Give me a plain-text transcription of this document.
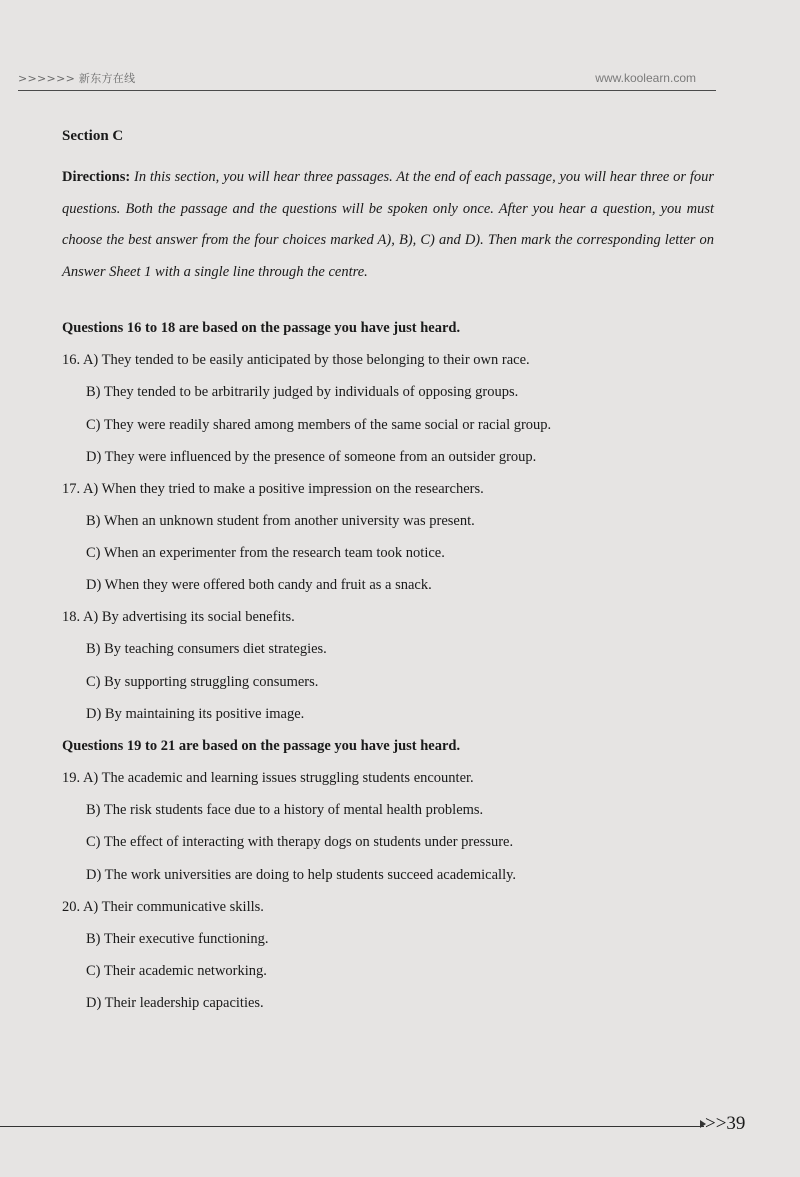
>>>>>> 新东方在线	www.koolearn.com
Section C
Directions: In this section, you will hear three passages. At the end of each passage, you will hear three or four questions. Both the passage and the questions will be spoken only once. After you hear a question, you must choose the best answer from the four choices marked A), B), C) and D). Then mark the corresponding letter on Answer Sheet 1 with a single line through the centre.
Questions 16 to 18 are based on the passage you have just heard.
16. A) They tended to be easily anticipated by those belonging to their own race.
B) They tended to be arbitrarily judged by individuals of opposing groups.
C) They were readily shared among members of the same social or racial group.
D) They were influenced by the presence of someone from an outsider group.
17. A) When they tried to make a positive impression on the researchers.
B) When an unknown student from another university was present.
C) When an experimenter from the research team took notice.
D) When they were offered both candy and fruit as a snack.
18. A) By advertising its social benefits.
B) By teaching consumers diet strategies.
C) By supporting struggling consumers.
D) By maintaining its positive image.
Questions 19 to 21 are based on the passage you have just heard.
19. A) The academic and learning issues struggling students encounter.
B) The risk students face due to a history of mental health problems.
C) The effect of interacting with therapy dogs on students under pressure.
D) The work universities are doing to help students succeed academically.
20. A) Their communicative skills.
B) Their executive functioning.
C) Their academic networking.
D) Their leadership capacities.
>>39
